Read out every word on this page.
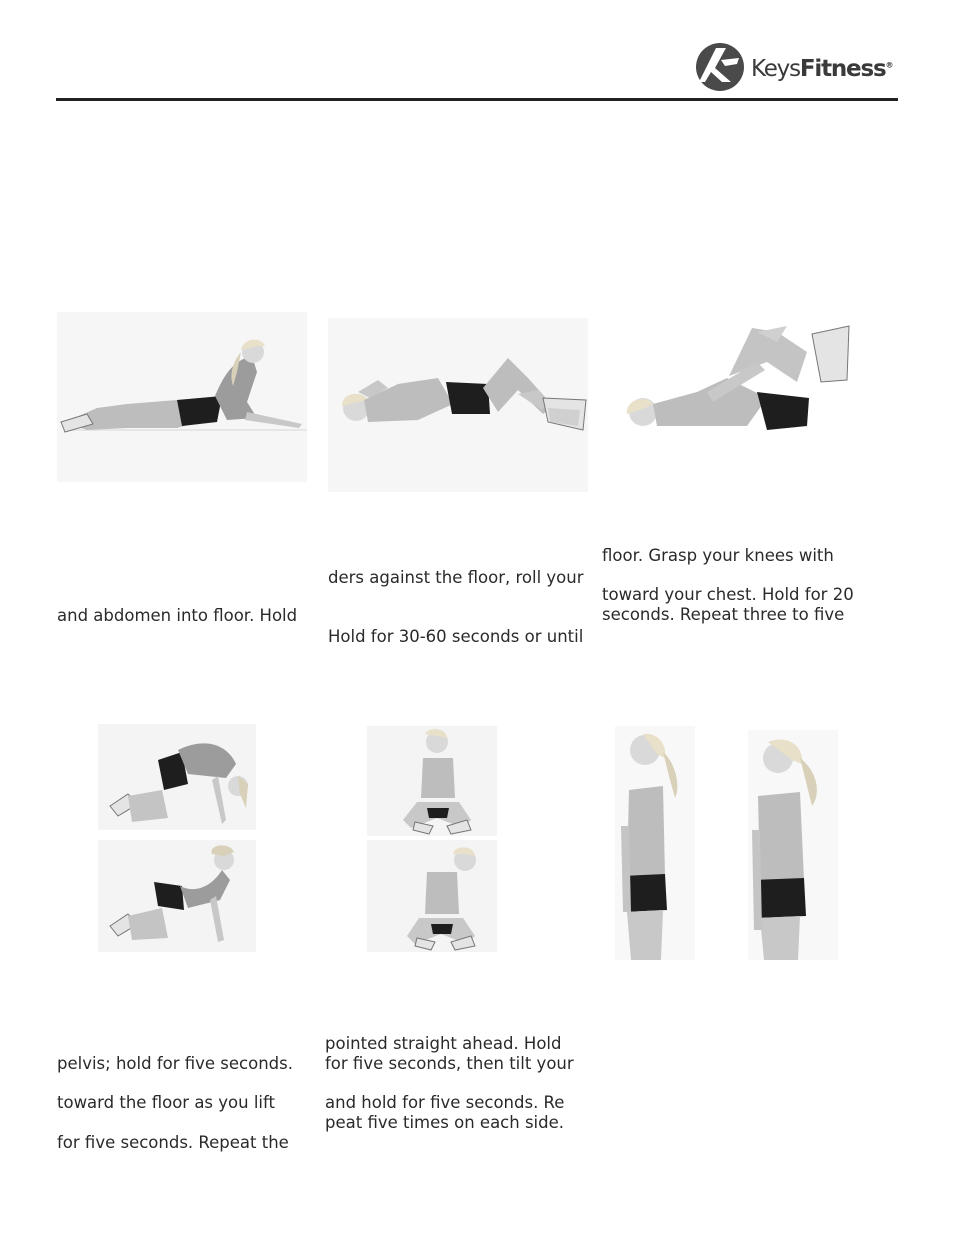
KeysFitness®

and abdomen into floor. Hold

ders against the floor, roll your

Hold for 30-60 seconds or until

floor. Grasp your knees with

toward your chest. Hold for 20

seconds. Repeat three to five

pelvis; hold for five seconds.

toward the floor as you lift

for five seconds. Repeat the

pointed straight ahead. Hold

for five seconds, then tilt your

and hold for five seconds. Re

peat five times on each side.
